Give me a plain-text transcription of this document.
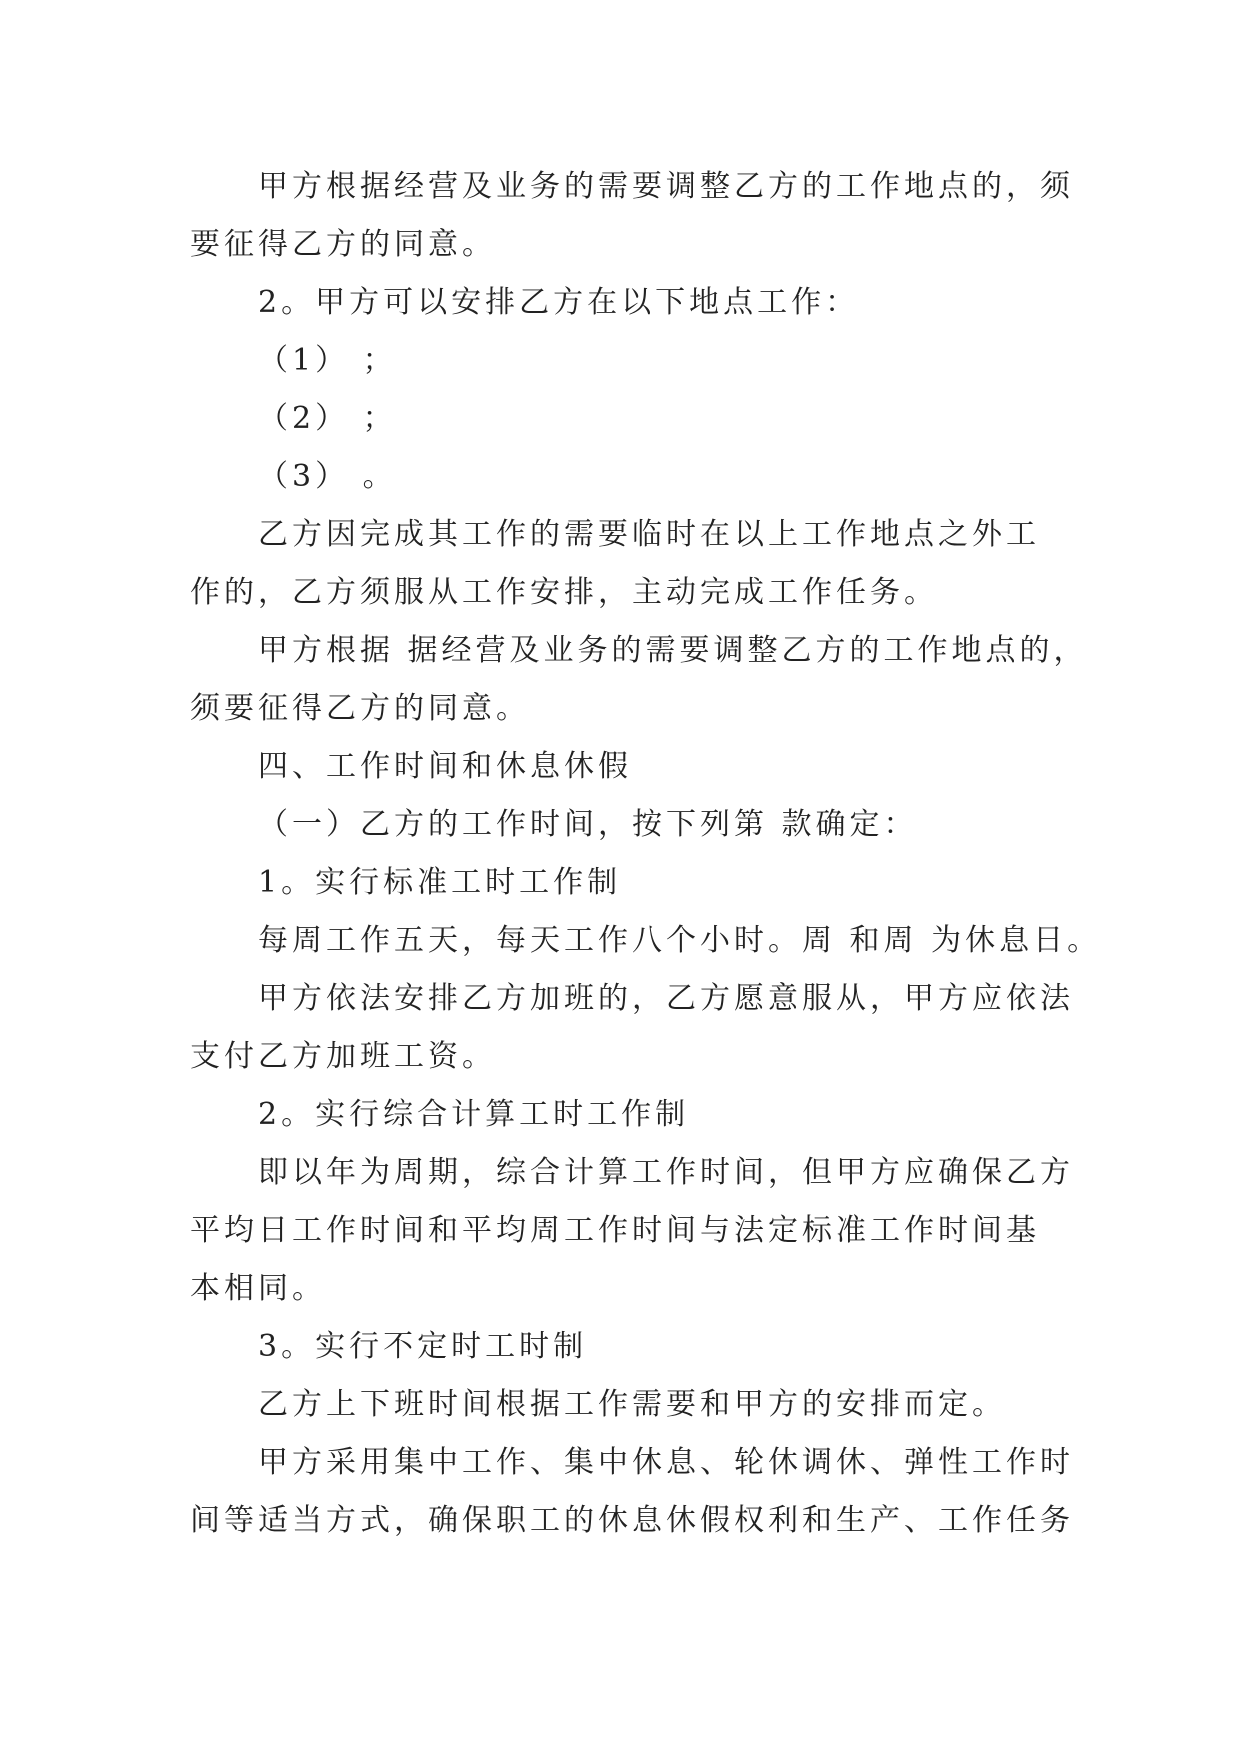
甲方根据经营及业务的需要调整乙方的工作地点的，须
要征得乙方的同意。
2。甲方可以安排乙方在以下地点工作：
（1） ；
（2） ；
（3） 。
乙方因完成其工作的需要临时在以上工作地点之外工
作的，乙方须服从工作安排，主动完成工作任务。
甲方根据 据经营及业务的需要调整乙方的工作地点的，
须要征得乙方的同意。
四、工作时间和休息休假
（一）乙方的工作时间，按下列第 款确定：
1。实行标准工时工作制
每周工作五天，每天工作八个小时。周 和周 为休息日。
甲方依法安排乙方加班的，乙方愿意服从，甲方应依法
支付乙方加班工资。
2。实行综合计算工时工作制
即以年为周期，综合计算工作时间，但甲方应确保乙方
平均日工作时间和平均周工作时间与法定标准工作时间基
本相同。
3。实行不定时工时制
乙方上下班时间根据工作需要和甲方的安排而定。
甲方采用集中工作、集中休息、轮休调休、弹性工作时
间等适当方式，确保职工的休息休假权利和生产、工作任务
